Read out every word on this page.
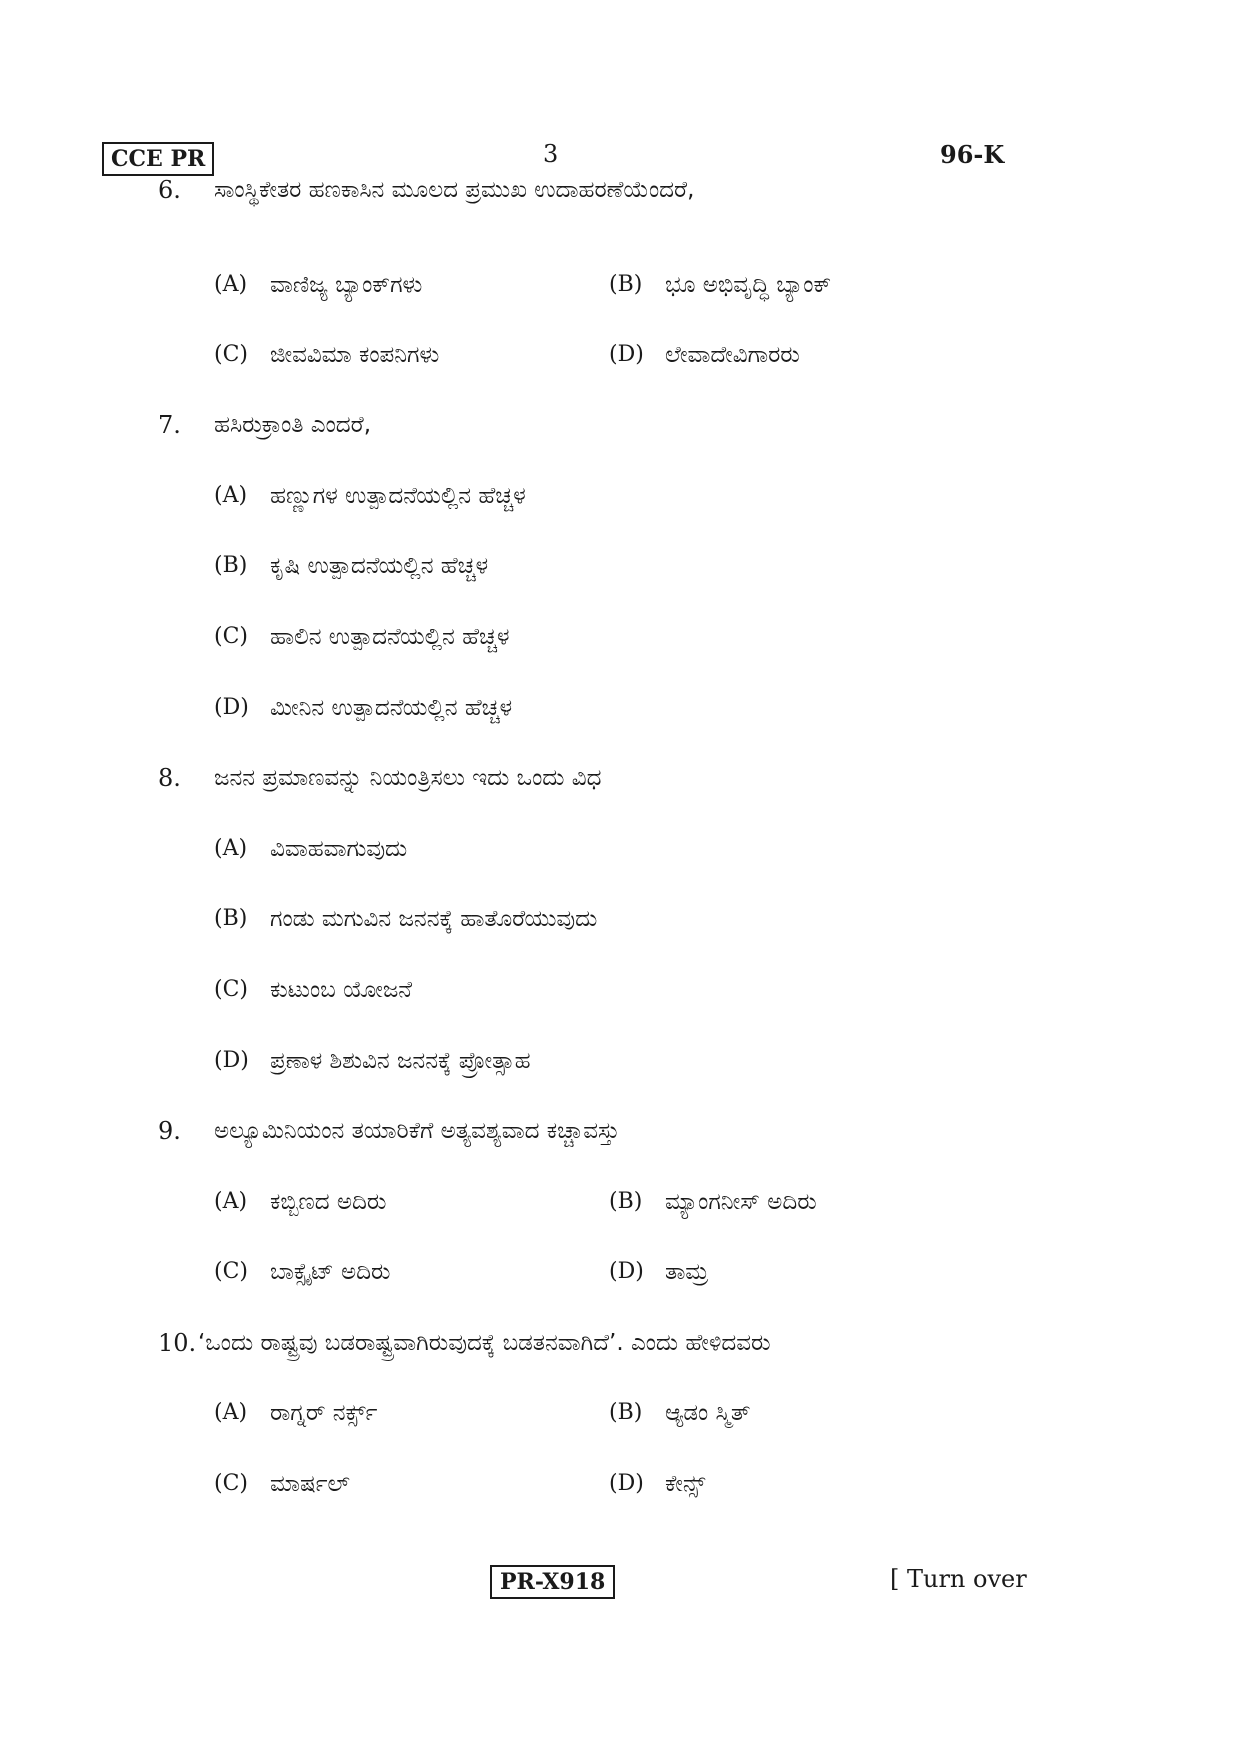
CCE PR	3	96-K
6. ಸಾಂಸ್ಥಿಕೇತರ ಹಣಕಾಸಿನ ಮೂಲದ ಪ್ರಮುಖ ಉದಾಹರಣೆಯೆಂದರೆ,
(A) ವಾಣಿಜ್ಯ ಬ್ಯಾಂಕ್‌ಗಳು	(B) ಭೂ ಅಭಿವೃದ್ಧಿ ಬ್ಯಾಂಕ್
(C) ಜೀವವಿಮಾ ಕಂಪನಿಗಳು	(D) ಲೇವಾದೇವಿಗಾರರು
7. ಹಸಿರುಕ್ರಾಂತಿ ಎಂದರೆ,
(A) ಹಣ್ಣುಗಳ ಉತ್ಪಾದನೆಯಲ್ಲಿನ ಹೆಚ್ಚಳ
(B) ಕೃಷಿ ಉತ್ಪಾದನೆಯಲ್ಲಿನ ಹೆಚ್ಚಳ
(C) ಹಾಲಿನ ಉತ್ಪಾದನೆಯಲ್ಲಿನ ಹೆಚ್ಚಳ
(D) ಮೀನಿನ ಉತ್ಪಾದನೆಯಲ್ಲಿನ ಹೆಚ್ಚಳ
8. ಜನನ ಪ್ರಮಾಣವನ್ನು ನಿಯಂತ್ರಿಸಲು ಇದು ಒಂದು ವಿಧ
(A) ವಿವಾಹವಾಗುವುದು
(B) ಗಂಡು ಮಗುವಿನ ಜನನಕ್ಕೆ ಹಾತೊರೆಯುವುದು
(C) ಕುಟುಂಬ ಯೋಜನೆ
(D) ಪ್ರಣಾಳ ಶಿಶುವಿನ ಜನನಕ್ಕೆ ಪ್ರೋತ್ಸಾಹ
9. ಅಲ್ಯೂಮಿನಿಯಂನ ತಯಾರಿಕೆಗೆ ಅತ್ಯವಶ್ಯವಾದ ಕಚ್ಚಾವಸ್ತು
(A) ಕಬ್ಬಿಣದ ಅದಿರು	(B) ಮ್ಯಾಂಗನೀಸ್ ಅದಿರು
(C) ಬಾಕ್ಸೈಟ್ ಅದಿರು	(D) ತಾಮ್ರ
10. ‘ಒಂದು ರಾಷ್ಟ್ರವು ಬಡರಾಷ್ಟ್ರವಾಗಿರುವುದಕ್ಕೆ ಬಡತನವಾಗಿದೆ’. ಎಂದು ಹೇಳಿದವರು
(A) ರಾಗ್ನರ್ ನರ್ಕ್ಸ್	(B) ಆ್ಯಡಂ ಸ್ಮಿತ್
(C) ಮಾರ್ಷಲ್	(D) ಕೇನ್ಸ್
PR-X918	[ Turn over
